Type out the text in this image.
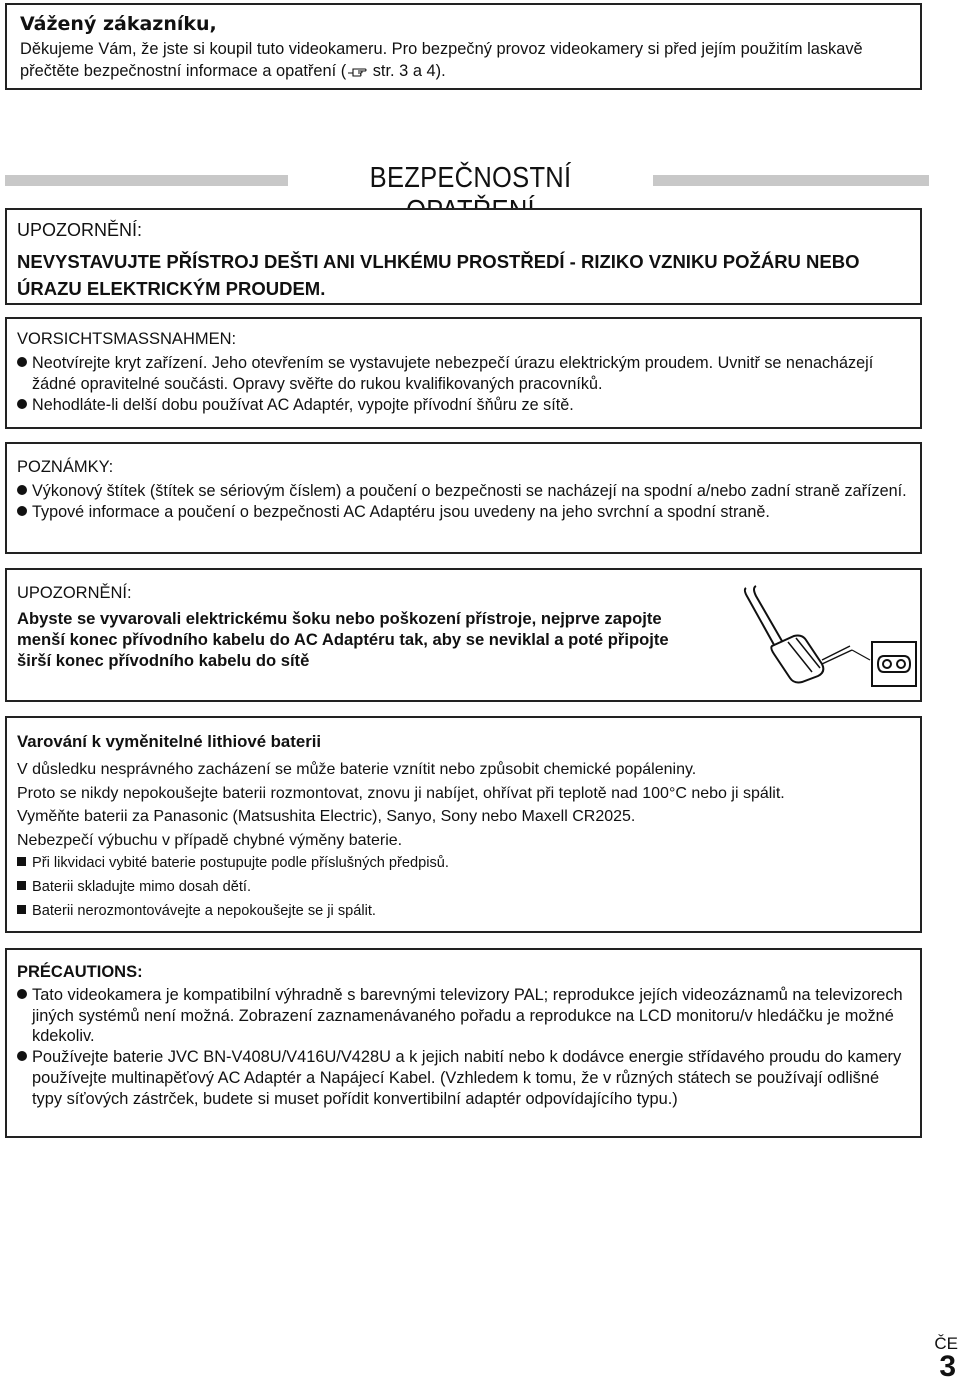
Vážený zákazníku,

Děkujeme Vám, že jste si koupil tuto videokameru. Pro bezpečný provoz videokamery si před jejím použitím laskavě přečtěte bezpečnostní informace a opatření ( str. 3 a 4).

BEZPEČNOSTNÍ

UPOZORNĚNÍ:

NEVYSTAVUJTE PŘÍSTROJ DEŠTI ANI VLHKÉMU PROSTŘEDÍ - RIZIKO VZNIKU POŽÁRU NEBO ÚRAZU ELEKTRICKÝM PROUDEM.

VORSICHTSMASSNAHMEN:

Neotvírejte kryt zařízení. Jeho otevřením se vystavujete nebezpečí úrazu elektrickým proudem. Uvnitř se nenacházejí žádné opravitelné součásti. Opravy svěřte do rukou kvalifikovaných pracovníků.

Nehodláte-li delší dobu používat AC Adaptér, vypojte přívodní šňůru ze sítě.

POZNÁMKY:

Výkonový štítek (štítek se sériovým číslem) a poučení o bezpečnosti se nacházejí na spodní a/nebo zadní straně zařízení.

Typové informace a poučení o bezpečnosti AC Adaptéru jsou uvedeny na jeho svrchní a spodní straně.

UPOZORNĚNÍ:

Abyste se vyvarovali elektrickému šoku nebo poškození přístroje, nejprve zapojte menší konec přívodního kabelu do AC Adaptéru tak, aby se neviklal a poté připojte širší konec přívodního kabelu do sítě

Varování k vyměnitelné lithiové baterii

V důsledku nesprávného zacházení se může baterie vznítit nebo způsobit chemické popáleniny.

Proto se nikdy nepokoušejte baterii rozmontovat, znovu ji nabíjet, ohřívat při teplotě nad 100°C nebo ji spálit.

Vyměňte baterii za Panasonic (Matsushita Electric), Sanyo, Sony nebo Maxell CR2025.

Nebezpečí výbuchu v případě chybné výměny baterie.

Při likvidaci vybité baterie postupujte podle příslušných předpisů.

Baterii skladujte mimo dosah dětí.

Baterii nerozmontovávejte a nepokoušejte se ji spálit.

PRÉCAUTIONS:

Tato videokamera je kompatibilní výhradně s barevnými televizory PAL; reprodukce jejích videozáznamů na televizorech jiných systémů není možná. Zobrazení zaznamenávaného pořadu a reprodukce na LCD monitoru/v hledáčku je možné kdekoliv.

Používejte baterie JVC BN-V408U/V416U/V428U a k jejich nabití nebo k dodávce energie střídavého proudu do kamery používejte multinapěťový AC Adaptér a Napájecí Kabel. (Vzhledem k tomu, že v různých státech se používají odlišné typy síťových zástrček, budete si muset pořídit konvertibilní adaptér odpovídajícího typu.)

ČE
3
